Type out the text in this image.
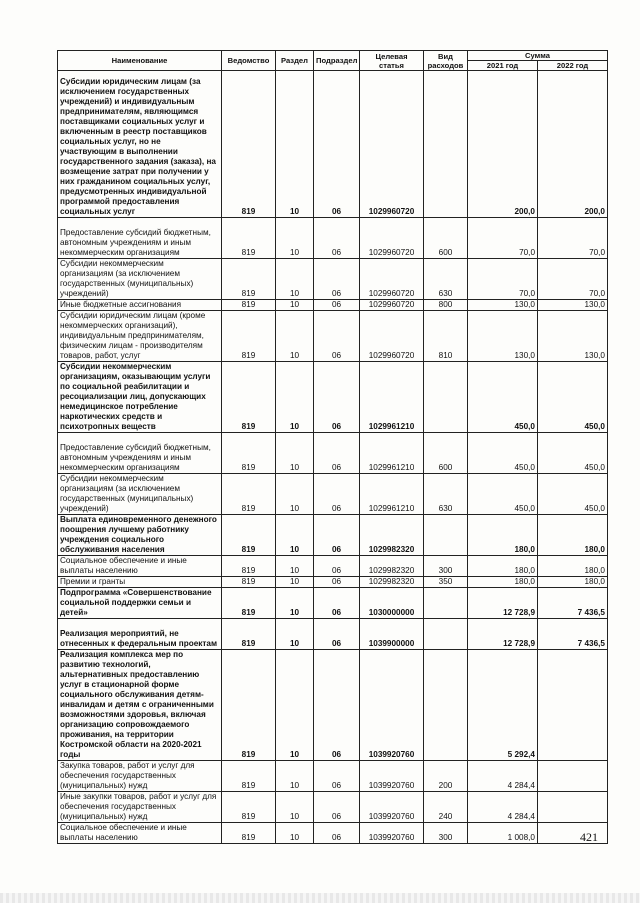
Наименование	Ведомство	Раздел	Подраздел	Целевая статья	Вид расходов	Сумма	
						2021 год	2022 год
Субсидии юридическим лицам (за исключением государственных учреждений) и индивидуальным предпринимателям, являющимся поставщиками социальных услуг и включенным в реестр поставщиков социальных услуг, но не участвующим в выполнении государственного задания (заказа), на возмещение затрат при получении у них гражданином социальных услуг, предусмотренных индивидуальной программой предоставления социальных услуг	819	10	06	1029960720		200,0	200,0
Предоставление субсидий бюджетным, автономным учреждениям и иным некоммерческим организациям	819	10	06	1029960720	600	70,0	70,0
Субсидии некоммерческим организациям (за исключением государственных (муниципальных) учреждений)	819	10	06	1029960720	630	70,0	70,0
Иные бюджетные ассигнования	819	10	06	1029960720	800	130,0	130,0
Субсидии юридическим лицам (кроме некоммерческих организаций), индивидуальным предпринимателям, физическим лицам - производителям товаров, работ, услуг	819	10	06	1029960720	810	130,0	130,0
Субсидии некоммерческим организациям, оказывающим услуги по социальной реабилитации и ресоциализации лиц, допускающих немедицинское потребление наркотических средств и психотропных веществ	819	10	06	1029961210		450,0	450,0
Предоставление субсидий бюджетным, автономным учреждениям и иным некоммерческим организациям	819	10	06	1029961210	600	450,0	450,0
Субсидии некоммерческим организациям (за исключением государственных (муниципальных) учреждений)	819	10	06	1029961210	630	450,0	450,0
Выплата единовременного денежного поощрения лучшему работнику учреждения социального обслуживания населения	819	10	06	1029982320		180,0	180,0
Социальное обеспечение и иные выплаты населению	819	10	06	1029982320	300	180,0	180,0
Премии и гранты	819	10	06	1029982320	350	180,0	180,0
Подпрограмма «Совершенствование социальной поддержки семьи и детей»	819	10	06	1030000000		12 728,9	7 436,5
Реализация мероприятий, не отнесенных к федеральным проектам	819	10	06	1039900000		12 728,9	7 436,5
Реализация комплекса мер по развитию технологий, альтернативных предоставлению услуг в стационарной форме социального обслуживания детям-инвалидам и детям с ограниченными возможностями здоровья, включая организацию сопровождаемого проживания, на территории Костромской области на 2020-2021 годы	819	10	06	1039920760		5 292,4	
Закупка товаров, работ и услуг для обеспечения государственных (муниципальных) нужд	819	10	06	1039920760	200	4 284,4	
Иные закупки товаров, работ и услуг для обеспечения государственных (муниципальных) нужд	819	10	06	1039920760	240	4 284,4	
Социальное обеспечение и иные выплаты населению	819	10	06	1039920760	300	1 008,0		421
